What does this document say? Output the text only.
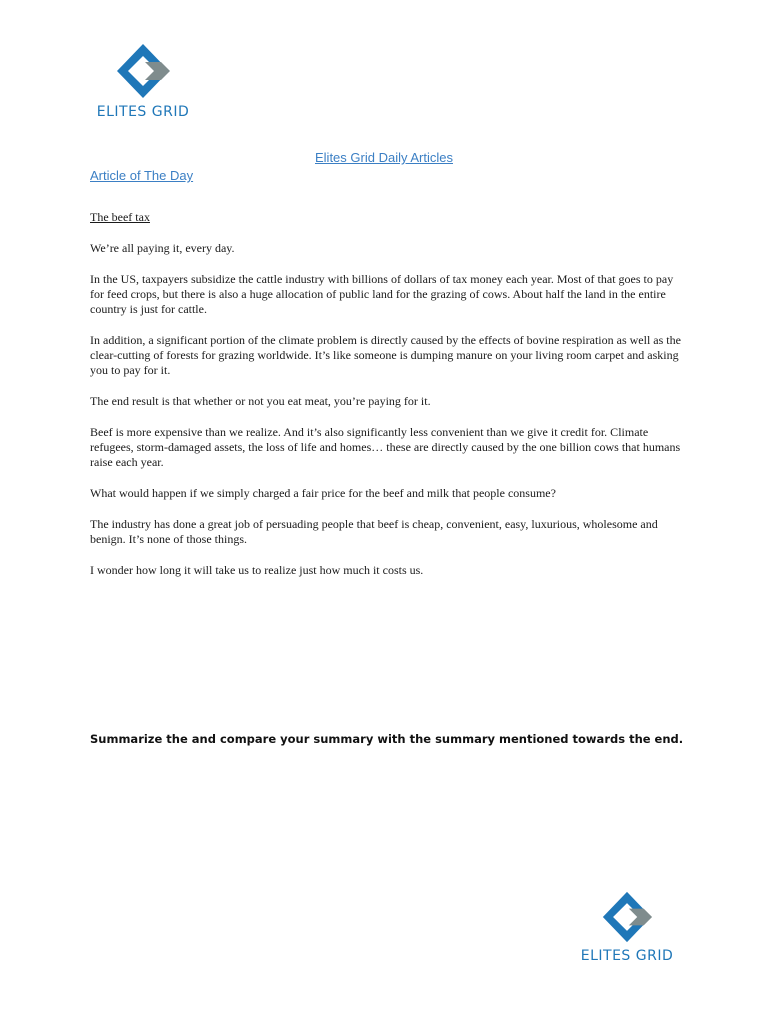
ELITES GRID
Elites Grid Daily Articles
Article of The Day

The beef tax

We’re all paying it, every day.

In the US, taxpayers subsidize the cattle industry with billions of dollars of tax money each year. Most of that goes to pay for feed crops, but there is also a huge allocation of public land for the grazing of cows. About half the land in the entire country is just for cattle.

In addition, a significant portion of the climate problem is directly caused by the effects of bovine respiration as well as the clear-cutting of forests for grazing worldwide. It’s like someone is dumping manure on your living room carpet and asking you to pay for it.

The end result is that whether or not you eat meat, you’re paying for it.

Beef is more expensive than we realize. And it’s also significantly less convenient than we give it credit for. Climate refugees, storm-damaged assets, the loss of life and homes… these are directly caused by the one billion cows that humans raise each year.

What would happen if we simply charged a fair price for the beef and milk that people consume?

The industry has done a great job of persuading people that beef is cheap, convenient, easy, luxurious, wholesome and benign. It’s none of those things.

I wonder how long it will take us to realize just how much it costs us.

Summarize the and compare your summary with the summary mentioned towards the end.
ELITES GRID
